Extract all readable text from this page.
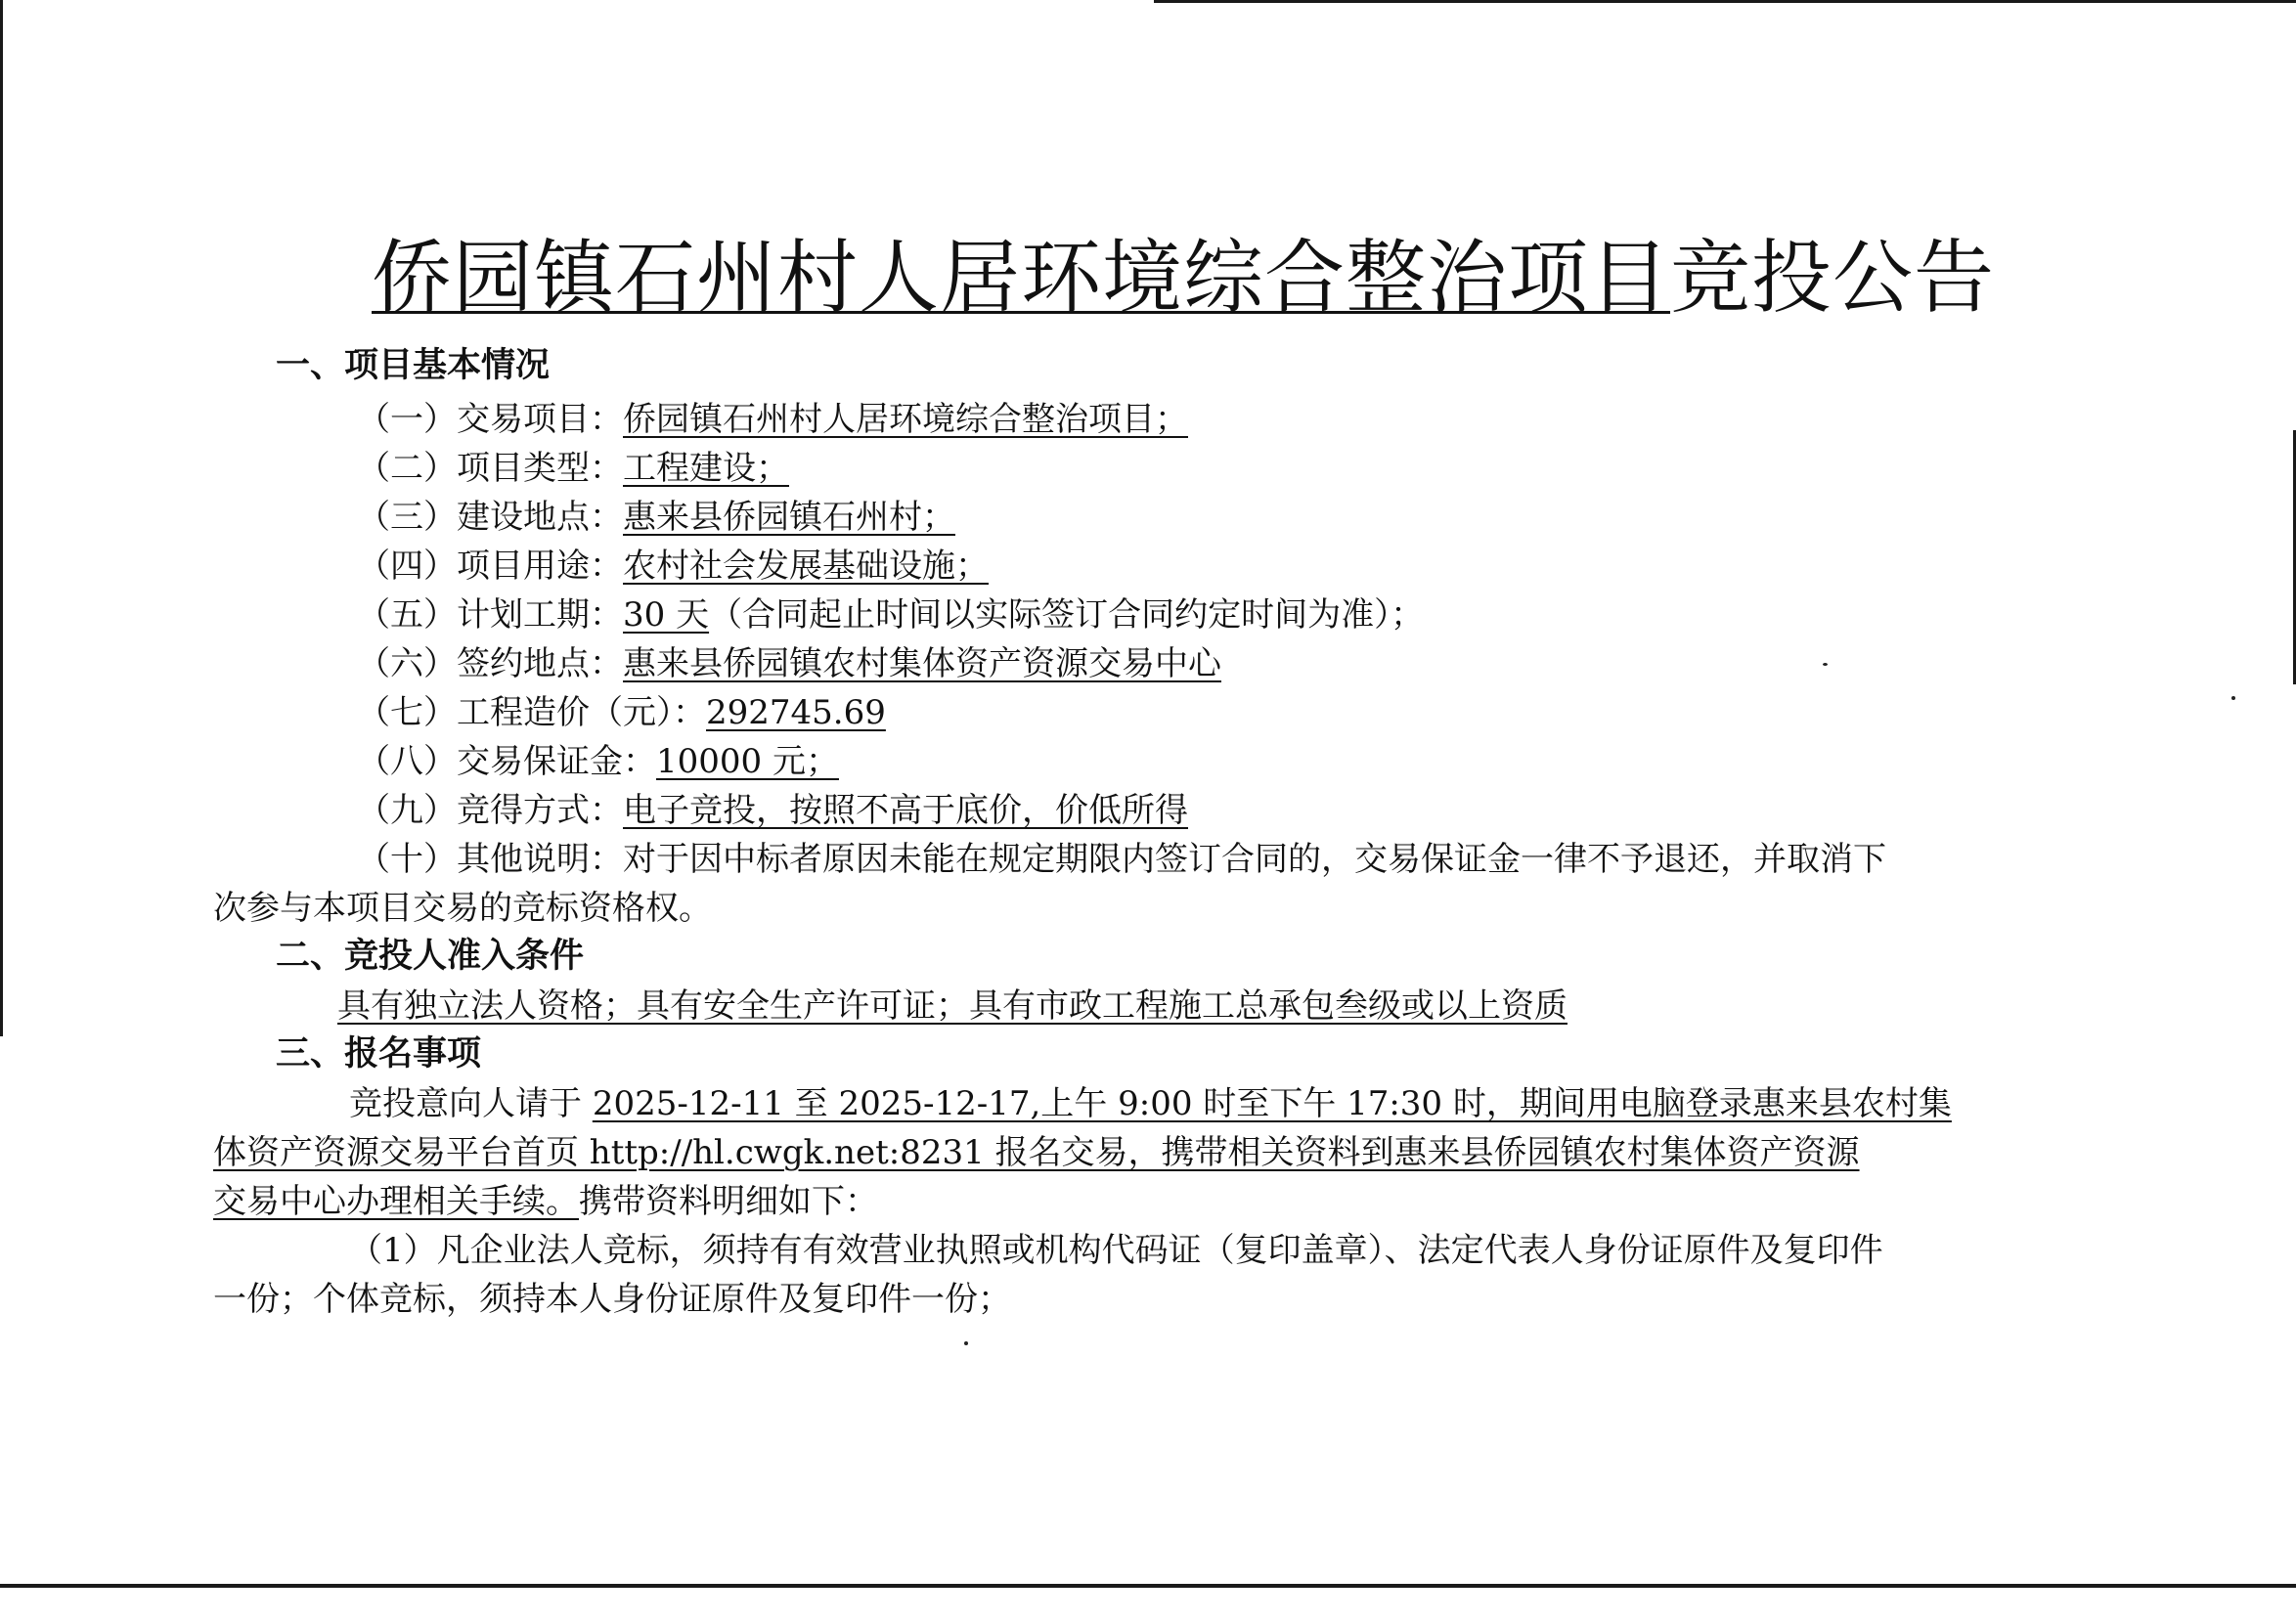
侨园镇石州村人居环境综合整治项目竞投公告
一、项目基本情况
（一）交易项目：侨园镇石州村人居环境综合整治项目；
（二）项目类型：工程建设；
（三）建设地点：惠来县侨园镇石州村；
（四）项目用途：农村社会发展基础设施；
（五）计划工期：30 天（合同起止时间以实际签订合同约定时间为准）；
（六）签约地点：惠来县侨园镇农村集体资产资源交易中心
（七）工程造价（元）：292745.69
（八）交易保证金：10000 元；
（九）竞得方式：电子竞投，按照不高于底价，价低所得
（十）其他说明：对于因中标者原因未能在规定期限内签订合同的，交易保证金一律不予退还，并取消下
次参与本项目交易的竞标资格权。
二、竞投人准入条件
具有独立法人资格；具有安全生产许可证；具有市政工程施工总承包叁级或以上资质
三、报名事项
竞投意向人请于 2025-12-11 至 2025-12-17,上午 9:00 时至下午 17:30 时，期间用电脑登录惠来县农村集
体资产资源交易平台首页 http://hl.cwgk.net:8231 报名交易，携带相关资料到惠来县侨园镇农村集体资产资源
交易中心办理相关手续。携带资料明细如下：
（1）凡企业法人竞标，须持有有效营业执照或机构代码证（复印盖章）、法定代表人身份证原件及复印件
一份；个体竞标，须持本人身份证原件及复印件一份；
